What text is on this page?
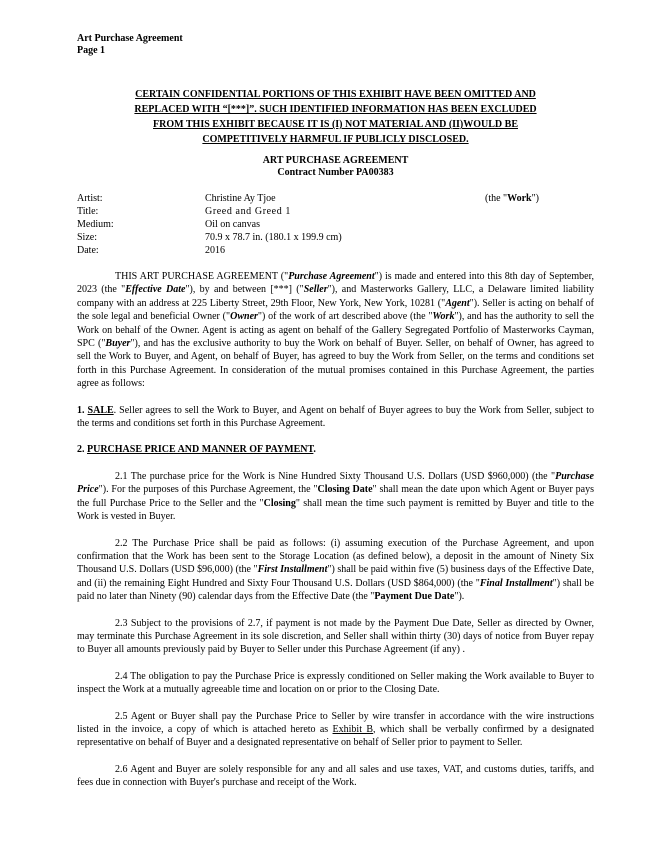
Art Purchase Agreement
Page 1
CERTAIN CONFIDENTIAL PORTIONS OF THIS EXHIBIT HAVE BEEN OMITTED AND
REPLACED WITH “[***]”. SUCH IDENTIFIED INFORMATION HAS BEEN EXCLUDED
FROM THIS EXHIBIT BECAUSE IT IS (I) NOT MATERIAL AND (II)WOULD BE
COMPETITIVELY HARMFUL IF PUBLICLY DISCLOSED.
ART PURCHASE AGREEMENT
Contract Number PA00383
Artist:	Christine Ay Tjoe	(the "Work")
Title:	Greed and Greed 1
Medium:	Oil on canvas
Size:	70.9 x 78.7 in. (180.1 x 199.9 cm)
Date:	2016

THIS ART PURCHASE AGREEMENT ("Purchase Agreement") is made and entered into this 8th day of September, 2023 (the "Effective Date"), by and between [***] ("Seller"), and Masterworks Gallery, LLC, a Delaware limited liability company with an address at 225 Liberty Street, 29th Floor, New York, New York, 10281 ("Agent"). Seller is acting on behalf of the sole legal and beneficial Owner ("Owner") of the work of art described above (the "Work"), and has the authority to sell the Work on behalf of the Owner. Agent is acting as agent on behalf of the Gallery Segregated Portfolio of Masterworks Cayman, SPC ("Buyer"), and has the exclusive authority to buy the Work on behalf of Buyer. Seller, on behalf of Owner, has agreed to sell the Work to Buyer, and Agent, on behalf of Buyer, has agreed to buy the Work from Seller, on the terms and conditions set forth in this Purchase Agreement. In consideration of the mutual promises contained in this Purchase Agreement, the parties agree as follows:

1. SALE. Seller agrees to sell the Work to Buyer, and Agent on behalf of Buyer agrees to buy the Work from Seller, subject to the terms and conditions set forth in this Purchase Agreement.

2. PURCHASE PRICE AND MANNER OF PAYMENT.

2.1 The purchase price for the Work is Nine Hundred Sixty Thousand U.S. Dollars (USD $960,000) (the "Purchase Price"). For the purposes of this Purchase Agreement, the "Closing Date" shall mean the date upon which Agent or Buyer pays the full Purchase Price to the Seller and the "Closing" shall mean the time such payment is remitted by Buyer and title to the Work is vested in Buyer.

2.2 The Purchase Price shall be paid as follows: (i) assuming execution of the Purchase Agreement, and upon confirmation that the Work has been sent to the Storage Location (as defined below), a deposit in the amount of Ninety Six Thousand U.S. Dollars (USD $96,000) (the "First Installment") shall be paid within five (5) business days of the Effective Date, and (ii) the remaining Eight Hundred and Sixty Four Thousand U.S. Dollars (USD $864,000) (the "Final Installment") shall be paid no later than Ninety (90) calendar days from the Effective Date (the "Payment Due Date").

2.3 Subject to the provisions of 2.7, if payment is not made by the Payment Due Date, Seller as directed by Owner, may terminate this Purchase Agreement in its sole discretion, and Seller shall within thirty (30) days of notice from Buyer repay to Buyer all amounts previously paid by Buyer to Seller under this Purchase Agreement (if any) .

2.4 The obligation to pay the Purchase Price is expressly conditioned on Seller making the Work available to Buyer to inspect the Work at a mutually agreeable time and location on or prior to the Closing Date.

2.5 Agent or Buyer shall pay the Purchase Price to Seller by wire transfer in accordance with the wire instructions listed in the invoice, a copy of which is attached hereto as Exhibit B, which shall be verbally confirmed by a designated representative on behalf of Buyer and a designated representative on behalf of Seller prior to payment to Seller.

2.6 Agent and Buyer are solely responsible for any and all sales and use taxes, VAT, and customs duties, tariffs, and fees due in connection with Buyer's purchase and receipt of the Work.
